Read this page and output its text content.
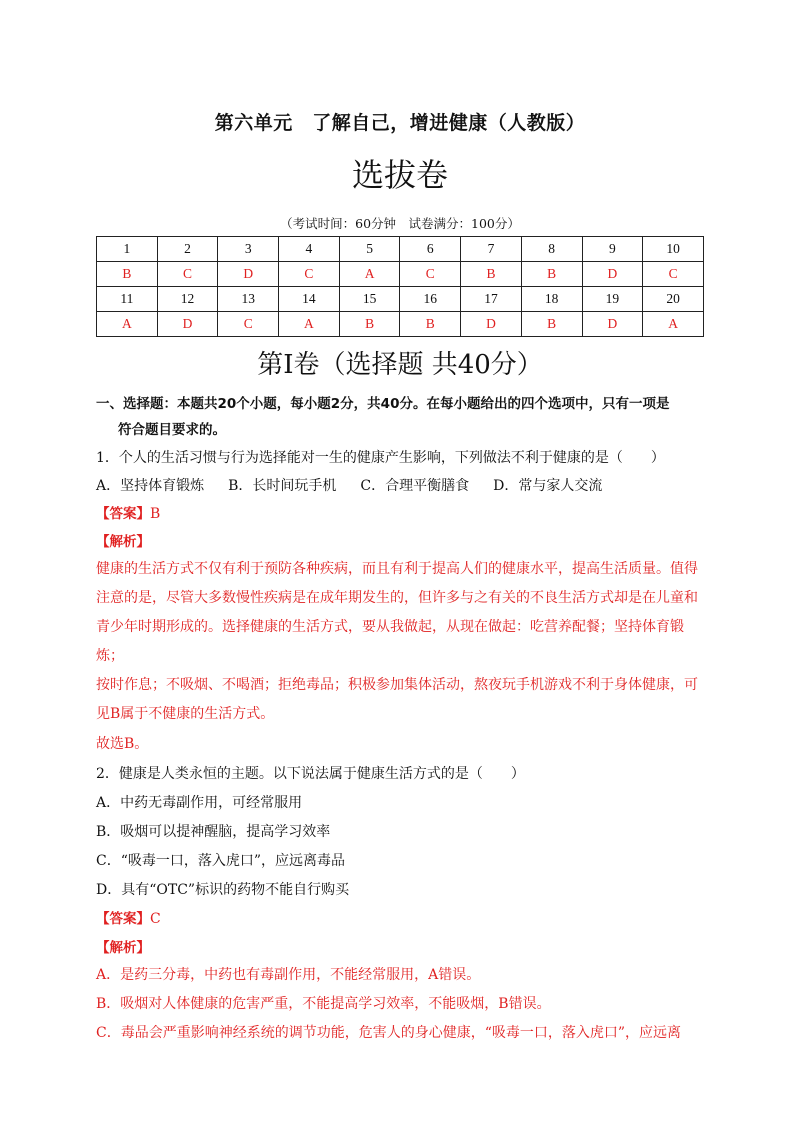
第六单元　了解自己，增进健康（人教版）
选拔卷
（考试时间：60分钟　试卷满分：100分）
1	2	3	4	5	6	7	8	9	10
B	C	D	C	A	C	B	B	D	C
11	12	13	14	15	16	17	18	19	20
A	D	C	A	B	B	D	B	D	A
第Ⅰ卷（选择题 共40分）

一、选择题：本题共20个小题，每小题2分，共40分。在每小题给出的四个选项中，只有一项是

符合题目要求的。

1．个人的生活习惯与行为选择能对一生的健康产生影响，下列做法不利于健康的是（　　）

A．坚持体育锻炼 B．长时间玩手机 C．合理平衡膳食 D．常与家人交流

【答案】B

【解析】

健康的生活方式不仅有利于预防各种疾病，而且有利于提高人们的健康水平，提高生活质量。值得

注意的是，尽管大多数慢性疾病是在成年期发生的，但许多与之有关的不良生活方式却是在儿童和

青少年时期形成的。选择健康的生活方式，要从我做起，从现在做起：吃营养配餐；坚持体育锻炼；

按时作息；不吸烟、不喝酒；拒绝毒品；积极参加集体活动，熬夜玩手机游戏不利于身体健康，可

见B属于不健康的生活方式。

故选B。

2．健康是人类永恒的主题。以下说法属于健康生活方式的是（　　）

A．中药无毒副作用，可经常服用

B．吸烟可以提神醒脑，提高学习效率

C．“吸毒一口，落入虎口”，应远离毒品

D．具有“OTC”标识的药物不能自行购买

【答案】C

【解析】

A．是药三分毒，中药也有毒副作用，不能经常服用，A错误。

B．吸烟对人体健康的危害严重，不能提高学习效率，不能吸烟，B错误。

C．毒品会严重影响神经系统的调节功能，危害人的身心健康，“吸毒一口，落入虎口”，应远离
